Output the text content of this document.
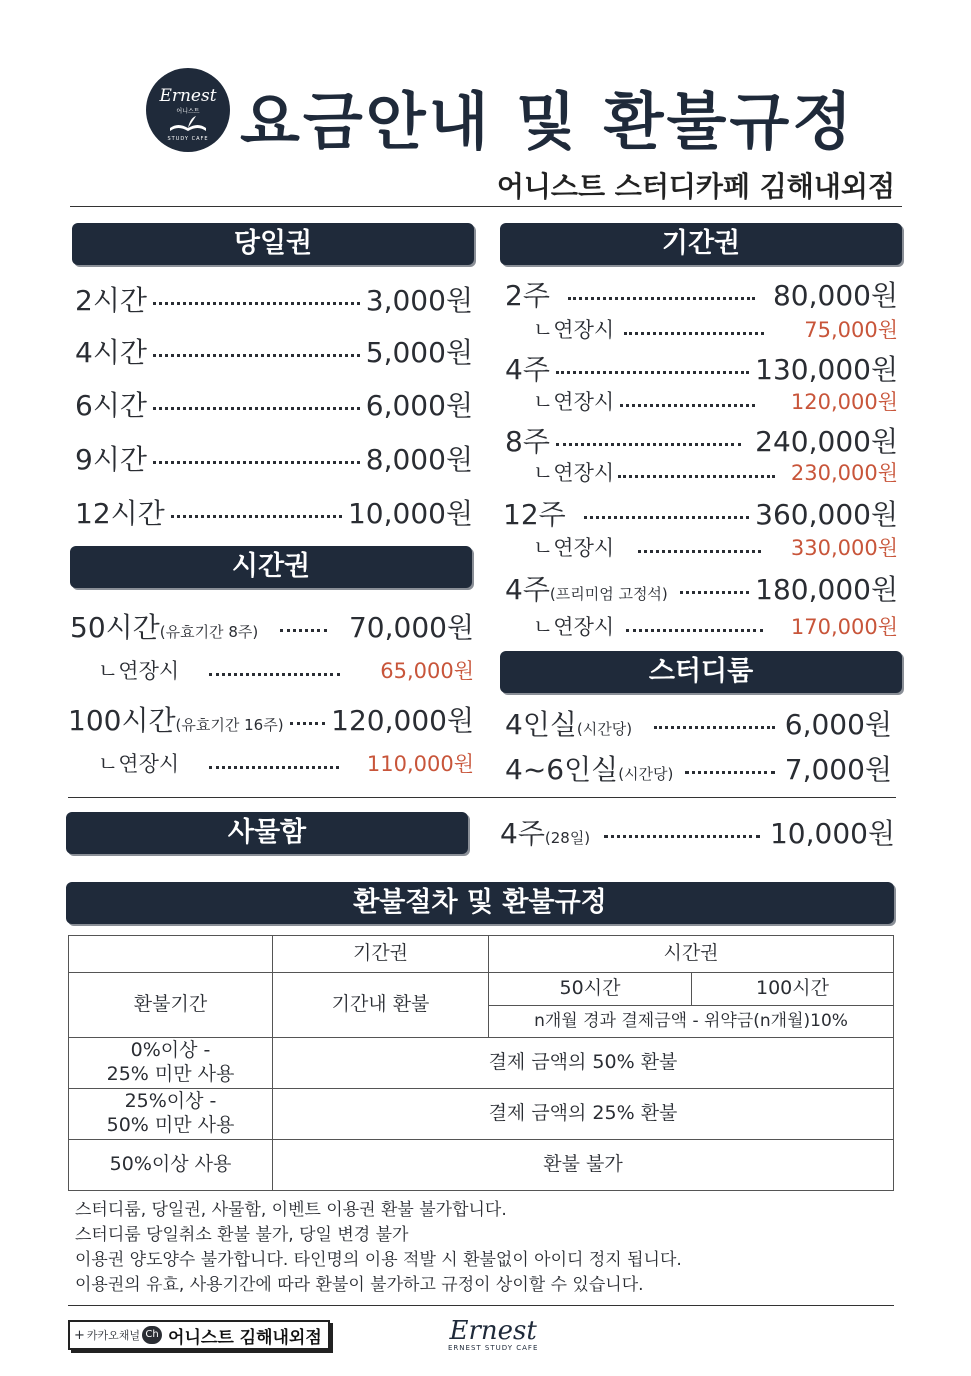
Ernest
어니스트
STUDY CAFE 요금안내 및 환불규정
어니스트 스터디카페 김해내외점
당일권
2시간	3,000원
4시간	5,000원
6시간	6,000원
9시간	8,000원
12시간	10,000원
시간권
50시간(유효기간 8주)	70,000원
ㄴ연장시	65,000원
100시간(유효기간 16주) 120,000원
ㄴ연장시	110,000원
기간권
2주	80,000원
ㄴ연장시	75,000원
4주	130,000원
ㄴ연장시	120,000원
8주	240,000원
ㄴ연장시	230,000원
12주	360,000원
ㄴ연장시	330,000원
4주(프리미엄 고정석)	180,000원
ㄴ연장시	170,000원
스터디룸
4인실(시간당)	6,000원
4~6인실(시간당)	7,000원
사물함	4주(28일)	10,000원
환불절차 및 환불규정
	기간권	시간권	
환불기간	기간내 환불	50시간	100시간
		n개월 경과 결제금액 - 위약금(n개월)10%	
0%이상 -
25% 미만 사용	결제 금액의 50% 환불		
25%이상 -
50% 미만 사용	결제 금액의 25% 환불		
50%이상 사용	환불 불가		
스터디룸, 당일권, 사물함, 이벤트 이용권 환불 불가합니다.
스터디룸 당일취소 환불 불가, 당일 변경 불가
이용권 양도양수 불가합니다. 타인명의 이용 적발 시 환불없이 아이디 정지 됩니다.
이용권의 유효, 사용기간에 따라 환불이 불가하고 규정이 상이할 수 있습니다.
+ 카카오채널 Ch 어니스트 김해내외점	Ernest
ERNEST STUDY CAFE
